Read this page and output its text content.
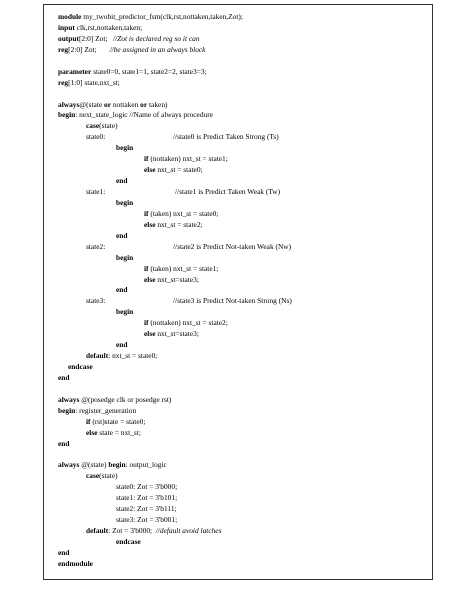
module my_twobit_predictor_fsm(clk,rst,nottaken,taken,Zot);
input clk,rst,nottaken,taken;
output[2:0] Zot;   //Zot is declared reg so it can
reg[2:0] Zot;       //be assigned in an always block
parameter state0=0, state1=1, state2=2, state3=3;
reg[1:0] state,nxt_st;
always@(state or nottaken or taken)
begin: next_state_logic //Name of always procedure
case(state)
state0:	//state0 is Predict Taken Strong (Ts)
begin
if (nottaken) nxt_st = state1;
else nxt_st = state0;
end
state1:	//state1 is Predict Taken Weak (Tw)
begin
if (taken) nxt_st = state0;
else nxt_st = state2;
end
state2:	//state2 is Predict Not-taken Weak (Nw)
begin
if (taken) nxt_st = state1;
else nxt_st=state3;
end
state3:	//state3 is Predict Not-taken Strong (Ns)
begin
if (nottaken) nxt_st = state2;
else nxt_st=state3;
end
default: nxt_st = state0;
endcase
end
always @(posedge clk or posedge rst)
begin: register_generation
if (rst)state = state0;
else state = nxt_st;
end
always @(state) begin: output_logic
case(state)
state0: Zot = 3'b000;
state1: Zot = 3'b101;
state2: Zot = 3'b111;
state3: Zot = 3'b001;
default: Zot = 3'b000;  //default avoid latches
endcase
end
endmodule
